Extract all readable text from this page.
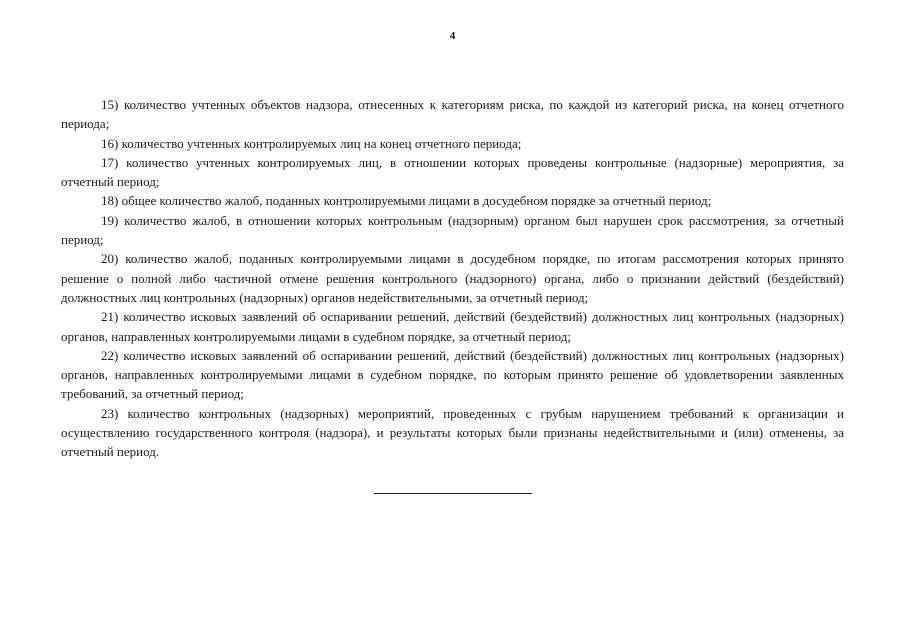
4

15) количество учтенных объектов надзора, отнесенных к категориям риска, по каждой из категорий риска, на конец отчетного периода;

16) количество учтенных контролируемых лиц на конец отчетного периода;

17) количество учтенных контролируемых лиц, в отношении которых проведены контрольные (надзорные) мероприятия, за отчетный период;

18) общее количество жалоб, поданных контролируемыми лицами в досудебном порядке за отчетный период;

19) количество жалоб, в отношении которых контрольным (надзорным) органом был нарушен срок рассмотрения, за отчетный период;

20) количество жалоб, поданных контролируемыми лицами в досудебном порядке, по итогам рассмотрения которых принято решение о полной либо частичной отмене решения контрольного (надзорного) органа, либо о признании действий (бездействий) должностных лиц контрольных (надзорных) органов недействительными, за отчетный период;

21) количество исковых заявлений об оспаривании решений, действий (бездействий) должностных лиц контрольных (надзорных) органов, направленных контролируемыми лицами в судебном порядке, за отчетный период;

22) количество исковых заявлений об оспаривании решений, действий (бездействий) должностных лиц контрольных (надзорных) органов, направленных контролируемыми лицами в судебном порядке, по которым принято решение об удовлетворении заявленных требований, за отчетный период;

23) количество контрольных (надзорных) мероприятий, проведенных с грубым нарушением требований к организации и осуществлению государственного контроля (надзора), и результаты которых были признаны недействительными и (или) отменены, за отчетный период.
